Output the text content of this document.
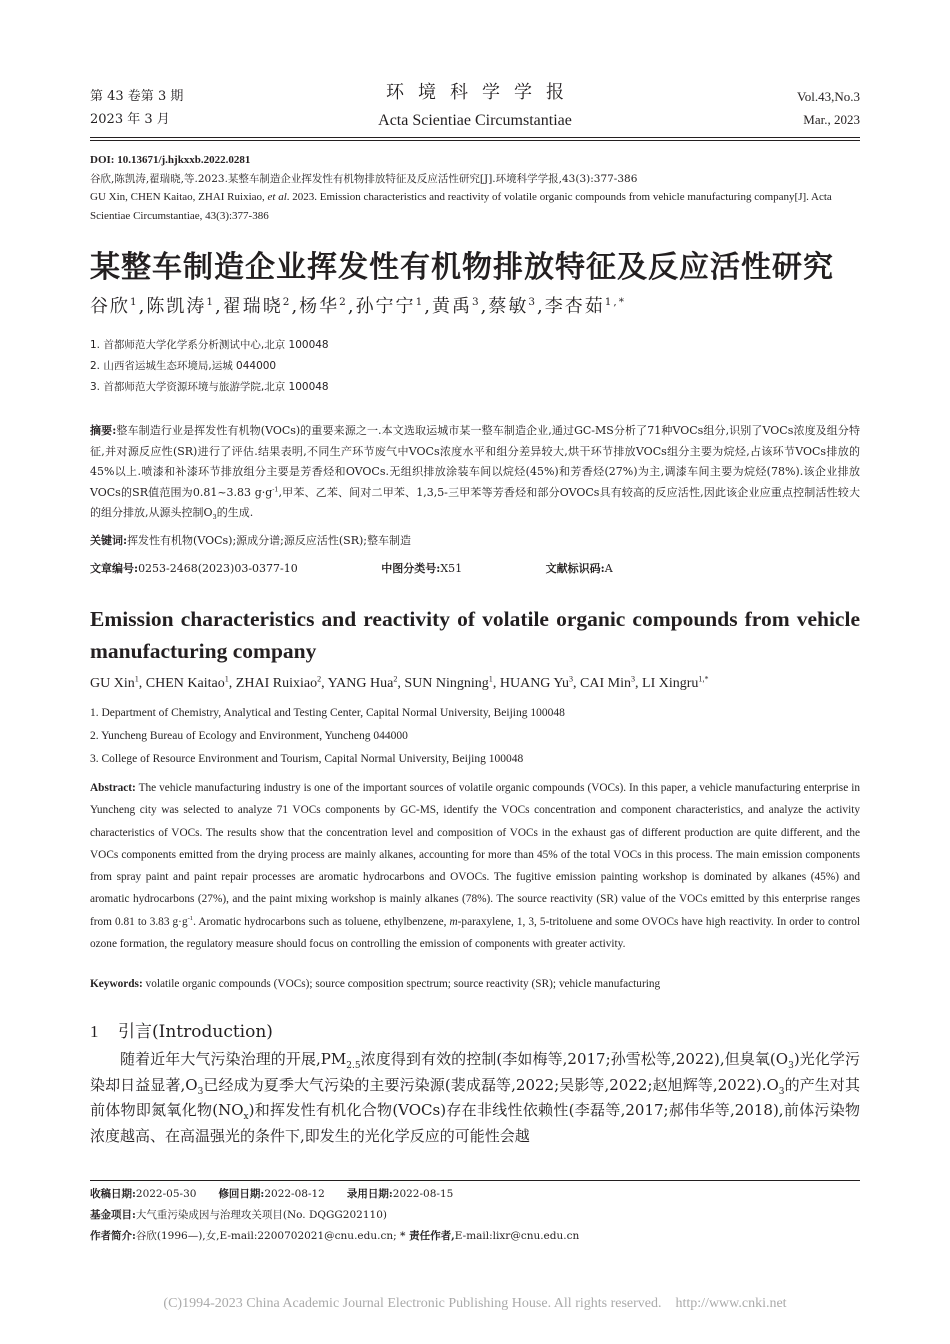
第 43 卷第 3 期
2023 年 3 月
环境科学学报
Acta Scientiae Circumstantiae
Vol.43,No.3
Mar., 2023
DOI: 10.13671/j.hjkxxb.2022.0281
谷欣,陈凯涛,翟瑞晓,等.2023.某整车制造企业挥发性有机物排放特征及反应活性研究[J].环境科学学报,43(3):377-386
GU Xin, CHEN Kaitao, ZHAI Ruixiao, et al. 2023. Emission characteristics and reactivity of volatile organic compounds from vehicle manufacturing company[J]. Acta Scientiae Circumstantiae, 43(3):377-386
某整车制造企业挥发性有机物排放特征及反应活性研究
谷欣$^1$,陈凯涛$^1$,翟瑞晓$^2$,杨华$^2$,孙宁宁$^1$,黄禹$^3$,蔡敏$^3$,李杏茹$^{1,*}$
1. 首都师范大学化学系分析测试中心,北京 100048
2. 山西省运城生态环境局,运城 044000
3. 首都师范大学资源环境与旅游学院,北京 100048
摘要:整车制造行业是挥发性有机物(VOCs)的重要来源之一.本文选取运城市某一整车制造企业,通过GC-MS分析了71种VOCs组分,识别了VOCs浓度及组分特征,并对源反应性(SR)进行了评估.结果表明,不同生产环节废气中VOCs浓度水平和组分差异较大,烘干环节排放VOCs组分主要为烷烃,占该环节VOCs排放的45%以上.喷漆和补漆环节排放组分主要是芳香烃和OVOCs.无组织排放涂装车间以烷烃(45%)和芳香烃(27%)为主,调漆车间主要为烷烃(78%).该企业排放VOCs的SR值范围为0.81~3.83 $g\cdot g^{-1}$,甲苯、乙苯、间对二甲苯、1,3,5-三甲苯等芳香烃和部分OVOCs具有较高的反应活性,因此该企业应重点控制活性较大的组分排放,从源头控制$O_3$的生成.
关键词:挥发性有机物(VOCs);源成分谱;源反应活性(SR);整车制造
文章编号:0253-2468(2023)03-0377-10	中图分类号:X51	文献标识码:A
Emission characteristics and reactivity of volatile organic compounds from vehicle manufacturing company
GU Xin$^1$, CHEN Kaitao$^1$, ZHAI Ruixiao$^2$, YANG Hua$^2$, SUN Ningning$^1$, HUANG Yu$^3$, CAI Min$^3$, LI Xingru$^{1,*}$
1. Department of Chemistry, Analytical and Testing Center, Capital Normal University, Beijing 100048
2. Yuncheng Bureau of Ecology and Environment, Yuncheng 044000
3. College of Resource Environment and Tourism, Capital Normal University, Beijing 100048
Abstract: The vehicle manufacturing industry is one of the important sources of volatile organic compounds (VOCs). In this paper, a vehicle manufacturing enterprise in Yuncheng city was selected to analyze 71 VOCs components by GC-MS, identify the VOCs concentration and component characteristics, and analyze the activity characteristics of VOCs. The results show that the concentration level and composition of VOCs in the exhaust gas of different production are quite different, and the VOCs components emitted from the drying process are mainly alkanes, accounting for more than 45% of the total VOCs in this process. The main emission components from spray paint and paint repair processes are aromatic hydrocarbons and OVOCs. The fugitive emission painting workshop is dominated by alkanes (45%) and aromatic hydrocarbons (27%), and the paint mixing workshop is mainly alkanes (78%). The source reactivity (SR) value of the VOCs emitted by this enterprise ranges from 0.81 to 3.83 $g\cdot g^{-1}$. Aromatic hydrocarbons such as toluene, ethylbenzene, m-paraxylene, 1, 3, 5-tritoluene and some OVOCs have high reactivity. In order to control ozone formation, the regulatory measure should focus on controlling the emission of components with greater activity.
Keywords: volatile organic compounds (VOCs); source composition spectrum; source reactivity (SR); vehicle manufacturing
1 引言(Introduction)
随着近年大气污染治理的开展$,PM_{2.5}$浓度得到有效的控制(李如梅等,2017;孙雪松等,2022),但臭氧$(O_3)$光化学污染却日益显著$,O_3$已经成为夏季大气污染的主要污染源(裴成磊等,2022;吴影等,2022;赵旭辉等$,2022).O_3$的产生对其前体物即氮氧化物$(NO_x)$和挥发性有机化合物(VOCs)存在非线性依赖性(李磊等,2017;郝伟华等,2018),前体污染物浓度越高、在高温强光的条件下,即发生的光化学反应的可能性会越
收稿日期:2022-05-30 修回日期:2022-08-12 录用日期:2022-08-15
基金项目:大气重污染成因与治理攻关项目(No. DQGG202110)
作者简介:谷欣(1996—),女,E-mail:2200702021@cnu.edu.cn; * 责任作者,E-mail:lixr@cnu.edu.cn
(C)1994-2023 China Academic Journal Electronic Publishing House. All rights reserved.    http://www.cnki.net
